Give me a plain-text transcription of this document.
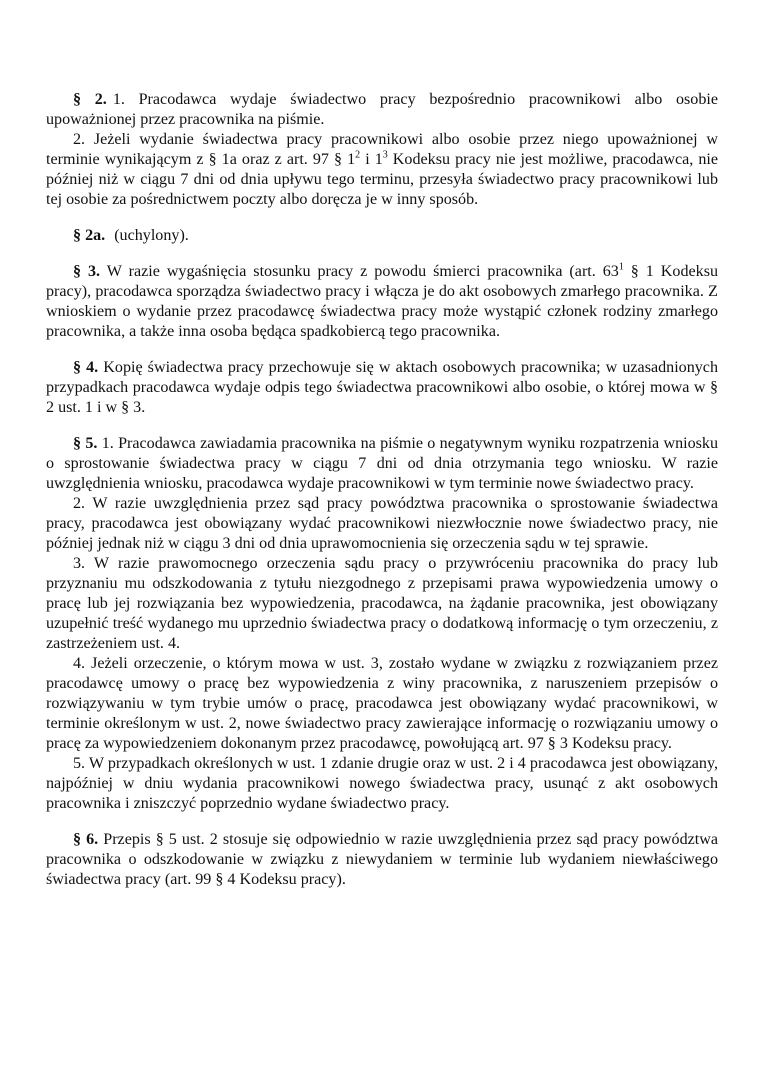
§ 2. 1. Pracodawca wydaje świadectwo pracy bezpośrednio pracownikowi albo osobie upoważnionej przez pracownika na piśmie.

2. Jeżeli wydanie świadectwa pracy pracownikowi albo osobie przez niego upoważnionej w terminie wynikającym z § 1a oraz z art. 97 § $1^2$ i $1^3$ Kodeksu pracy nie jest możliwe, pracodawca, nie później niż w ciągu 7 dni od dnia upływu tego terminu, przesyła świadectwo pracy pracownikowi lub tej osobie za pośrednictwem poczty albo doręcza je w inny sposób.

§ 2a. (uchylony).

§ 3. W razie wygaśnięcia stosunku pracy z powodu śmierci pracownika (art. $63^1$ § 1 Kodeksu pracy), pracodawca sporządza świadectwo pracy i włącza je do akt osobowych zmarłego pracownika. Z wnioskiem o wydanie przez pracodawcę świadectwa pracy może wystąpić członek rodziny zmarłego pracownika, a także inna osoba będąca spadkobiercą tego pracownika.

§ 4. Kopię świadectwa pracy przechowuje się w aktach osobowych pracownika; w uzasadnionych przypadkach pracodawca wydaje odpis tego świadectwa pracownikowi albo osobie, o której mowa w § 2 ust. 1 i w § 3.

§ 5. 1. Pracodawca zawiadamia pracownika na piśmie o negatywnym wyniku rozpatrzenia wniosku o sprostowanie świadectwa pracy w ciągu 7 dni od dnia otrzymania tego wniosku. W razie uwzględnienia wniosku, pracodawca wydaje pracownikowi w tym terminie nowe świadectwo pracy.

2. W razie uwzględnienia przez sąd pracy powództwa pracownika o sprostowanie świadectwa pracy, pracodawca jest obowiązany wydać pracownikowi niezwłocznie nowe świadectwo pracy, nie później jednak niż w ciągu 3 dni od dnia uprawomocnienia się orzeczenia sądu w tej sprawie.

3. W razie prawomocnego orzeczenia sądu pracy o przywróceniu pracownika do pracy lub przyznaniu mu odszkodowania z tytułu niezgodnego z przepisami prawa wypowiedzenia umowy o pracę lub jej rozwiązania bez wypowiedzenia, pracodawca, na żądanie pracownika, jest obowiązany uzupełnić treść wydanego mu uprzednio świadectwa pracy o dodatkową informację o tym orzeczeniu, z zastrzeżeniem ust. 4.

4. Jeżeli orzeczenie, o którym mowa w ust. 3, zostało wydane w związku z rozwiązaniem przez pracodawcę umowy o pracę bez wypowiedzenia z winy pracownika, z naruszeniem przepisów o rozwiązywaniu w tym trybie umów o pracę, pracodawca jest obowiązany wydać pracownikowi, w terminie określonym w ust. 2, nowe świadectwo pracy zawierające informację o rozwiązaniu umowy o pracę za wypowiedzeniem dokonanym przez pracodawcę, powołującą art. 97 § 3 Kodeksu pracy.

5. W przypadkach określonych w ust. 1 zdanie drugie oraz w ust. 2 i 4 pracodawca jest obowiązany, najpóźniej w dniu wydania pracownikowi nowego świadectwa pracy, usunąć z akt osobowych pracownika i zniszczyć poprzednio wydane świadectwo pracy.

§ 6. Przepis § 5 ust. 2 stosuje się odpowiednio w razie uwzględnienia przez sąd pracy powództwa pracownika o odszkodowanie w związku z niewydaniem w terminie lub wydaniem niewłaściwego świadectwa pracy (art. 99 § 4 Kodeksu pracy).
